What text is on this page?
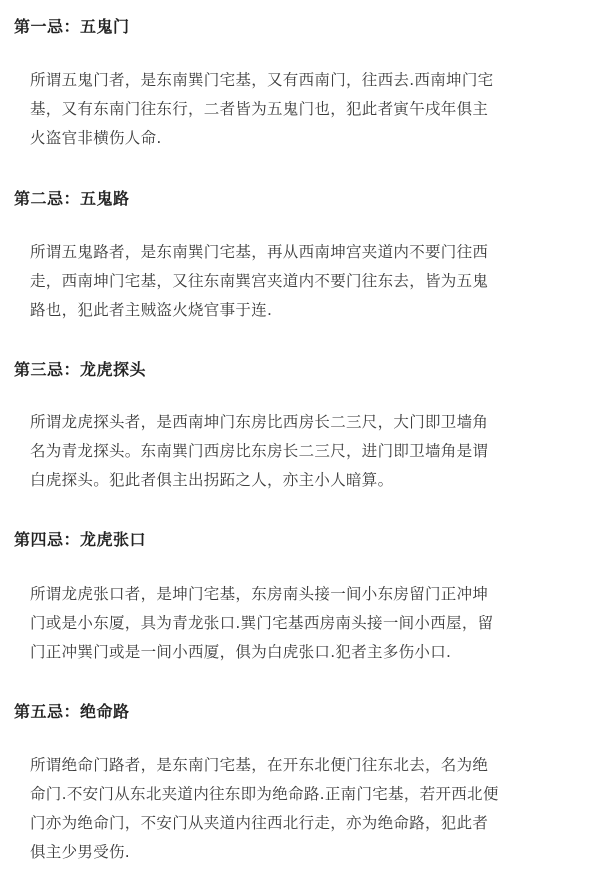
第一忌：五鬼门
所谓五鬼门者，是东南巽门宅基，又有西南门，往西去.西南坤门宅
基，又有东南门往东行，二者皆为五鬼门也，犯此者寅午戌年俱主
火盗官非横伤人命.
第二忌：五鬼路
所谓五鬼路者，是东南巽门宅基，再从西南坤宫夹道内不要门往西
走，西南坤门宅基，又往东南巽宫夹道内不要门往东去，皆为五鬼
路也，犯此者主贼盗火烧官事于连.
第三忌：龙虎探头
所谓龙虎探头者，是西南坤门东房比西房长二三尺，大门即卫墙角
名为青龙探头。东南巽门西房比东房长二三尺，进门即卫墙角是谓
白虎探头。犯此者俱主出拐跖之人，亦主小人暗算。
第四忌：龙虎张口
所谓龙虎张口者，是坤门宅基，东房南头接一间小东房留门正冲坤
门或是小东厦，具为青龙张口.巽门宅基西房南头接一间小西屋，留
门正冲巽门或是一间小西厦，俱为白虎张口.犯者主多伤小口.
第五忌：绝命路
所谓绝命门路者，是东南门宅基，在开东北便门往东北去，名为绝
命门.不安门从东北夹道内往东即为绝命路.正南门宅基，若开西北便
门亦为绝命门，不安门从夹道内往西北行走，亦为绝命路，犯此者
俱主少男受伤.
